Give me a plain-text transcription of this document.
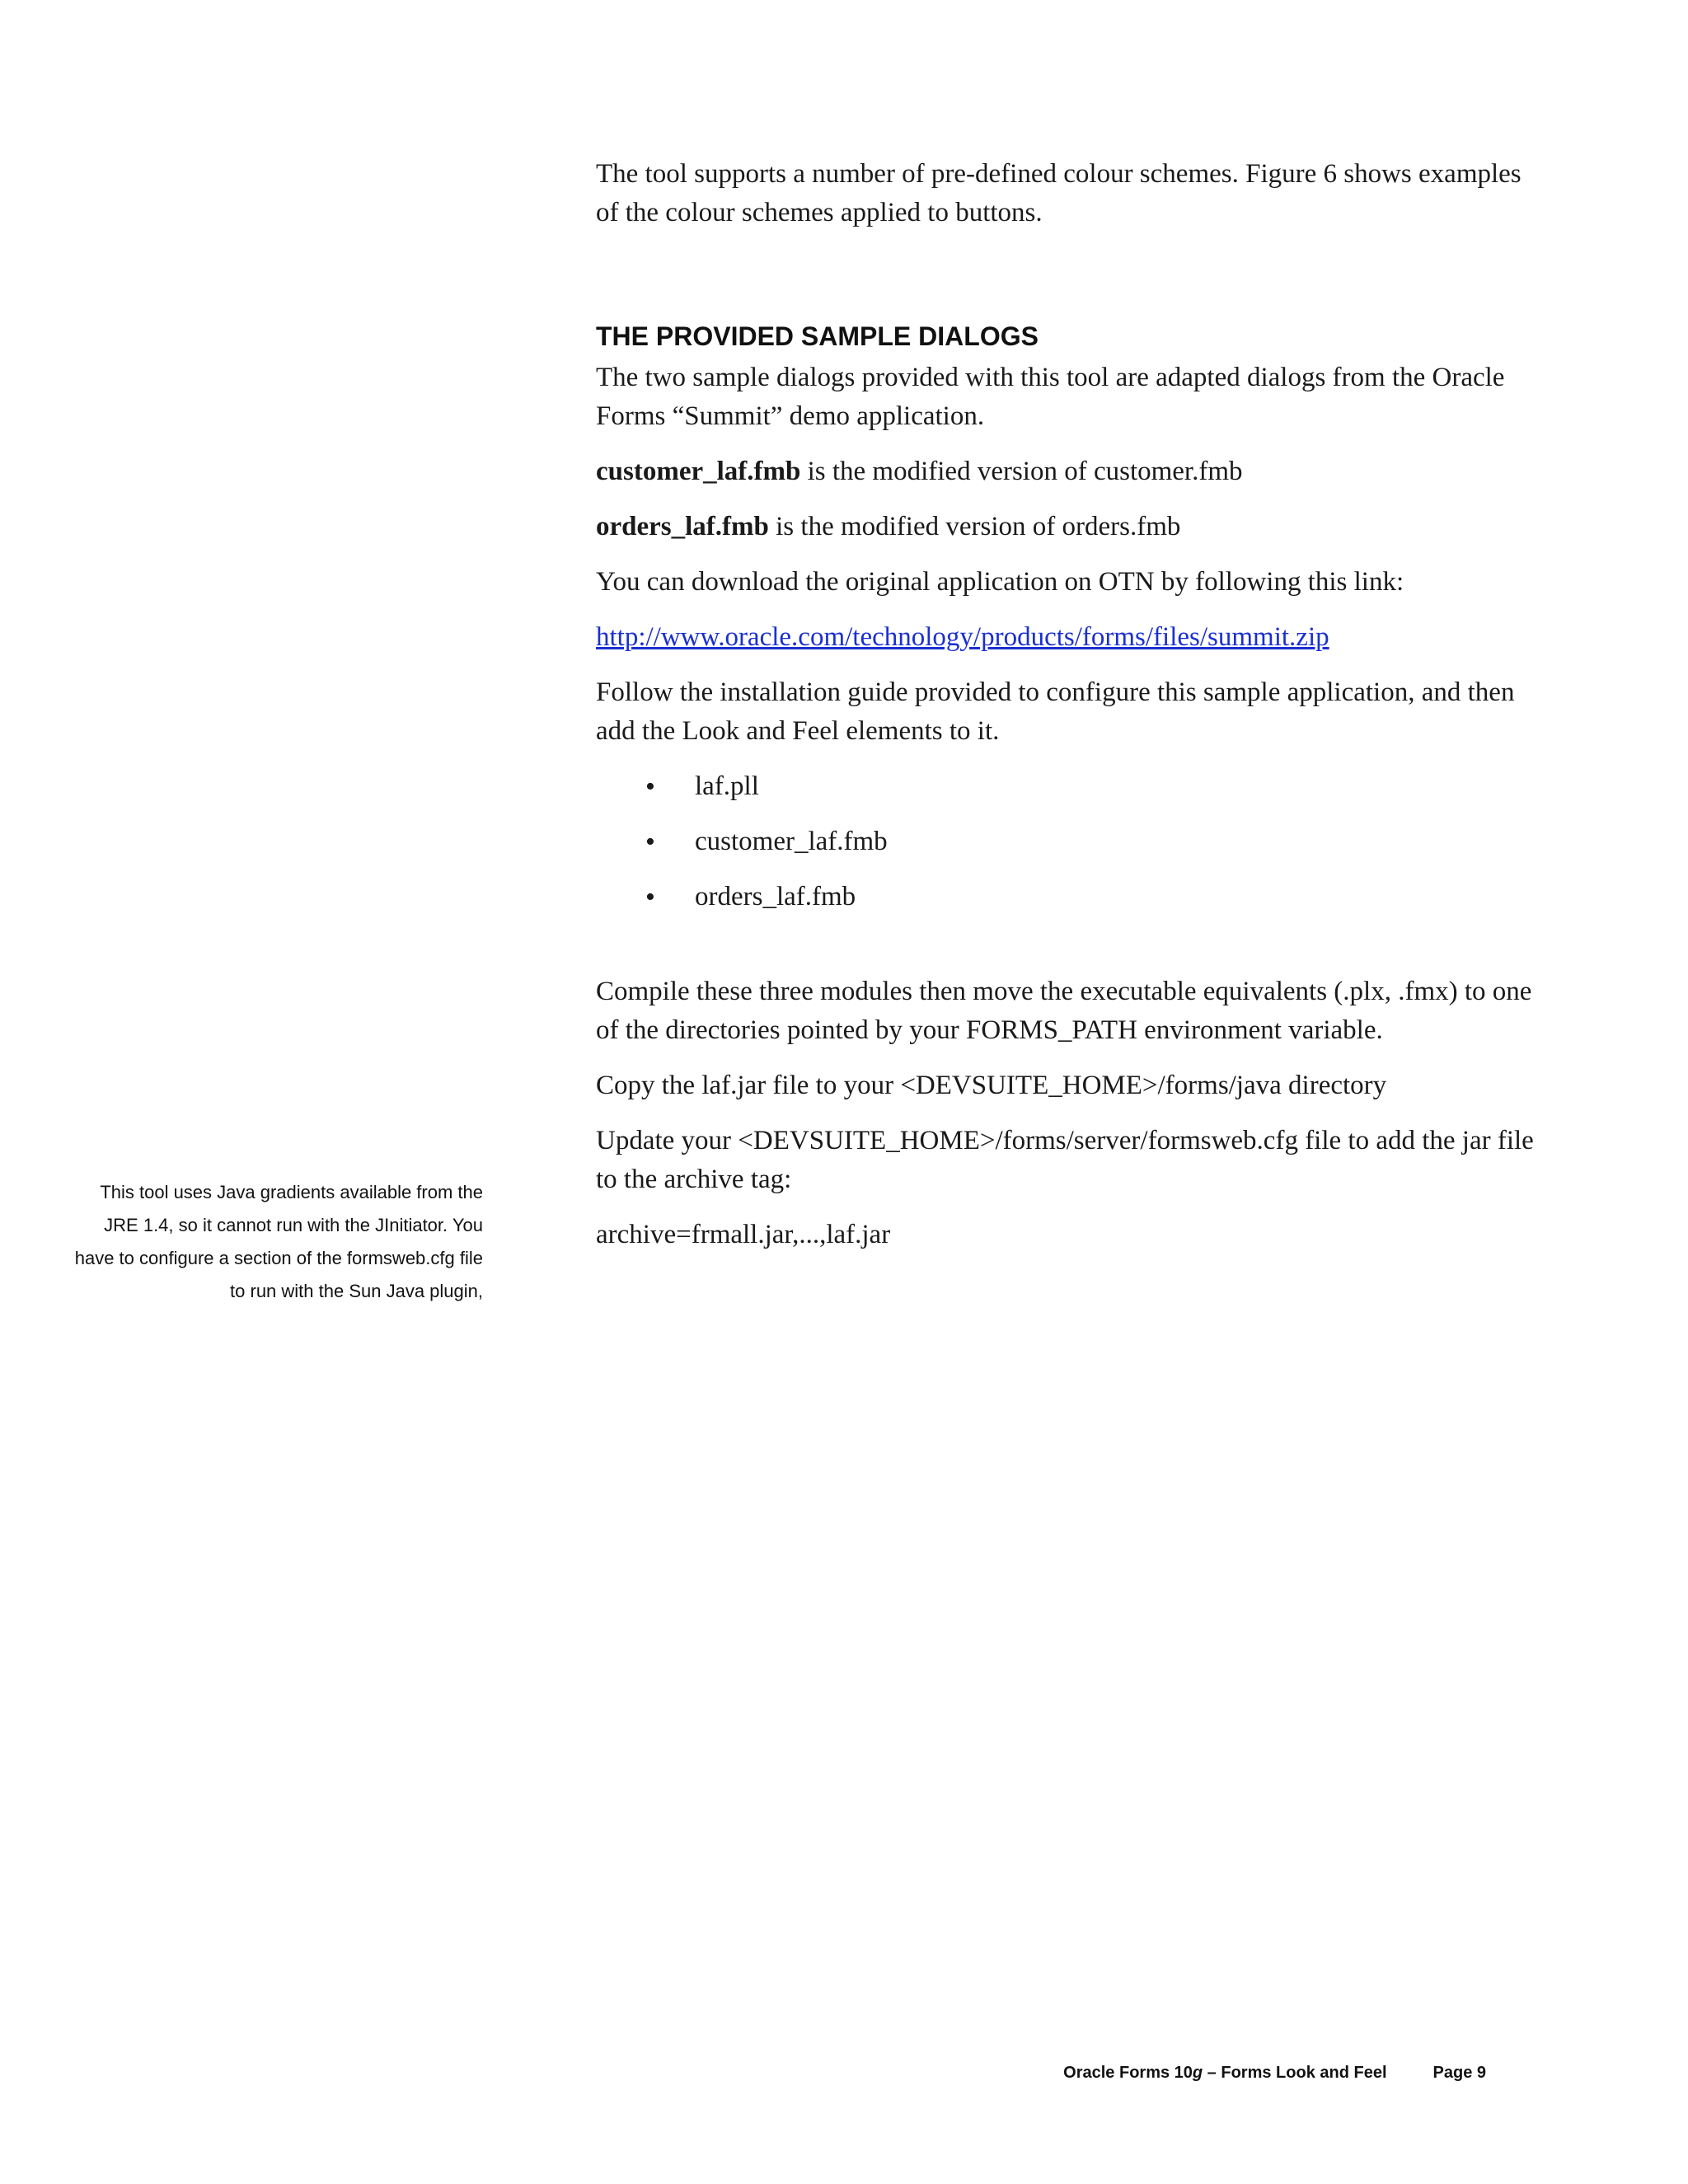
The tool supports a number of pre-defined colour schemes. Figure 6 shows examples of the colour schemes applied to buttons.

THE PROVIDED SAMPLE DIALOGS

The two sample dialogs provided with this tool are adapted dialogs from the Oracle Forms “Summit” demo application.

customer_laf.fmb is the modified version of customer.fmb

orders_laf.fmb is the modified version of orders.fmb

You can download the original application on OTN by following this link:

http://www.oracle.com/technology/products/forms/files/summit.zip

Follow the installation guide provided to configure this sample application, and then add the Look and Feel elements to it.

• laf.pll
• customer_laf.fmb
• orders_laf.fmb

Compile these three modules then move the executable equivalents (.plx, .fmx) to one of the directories pointed by your FORMS_PATH environment variable.

Copy the laf.jar file to your <DEVSUITE_HOME>/forms/java directory

Update your <DEVSUITE_HOME>/forms/server/formsweb.cfg file to add the jar file to the archive tag:

archive=frmall.jar,...,laf.jar

This tool uses Java gradients available from the JRE 1.4, so it cannot run with the JInitiator. You have to configure a section of the formsweb.cfg file to run with the Sun Java plugin,
Oracle Forms 10g – Forms Look and Feel	Page 9
